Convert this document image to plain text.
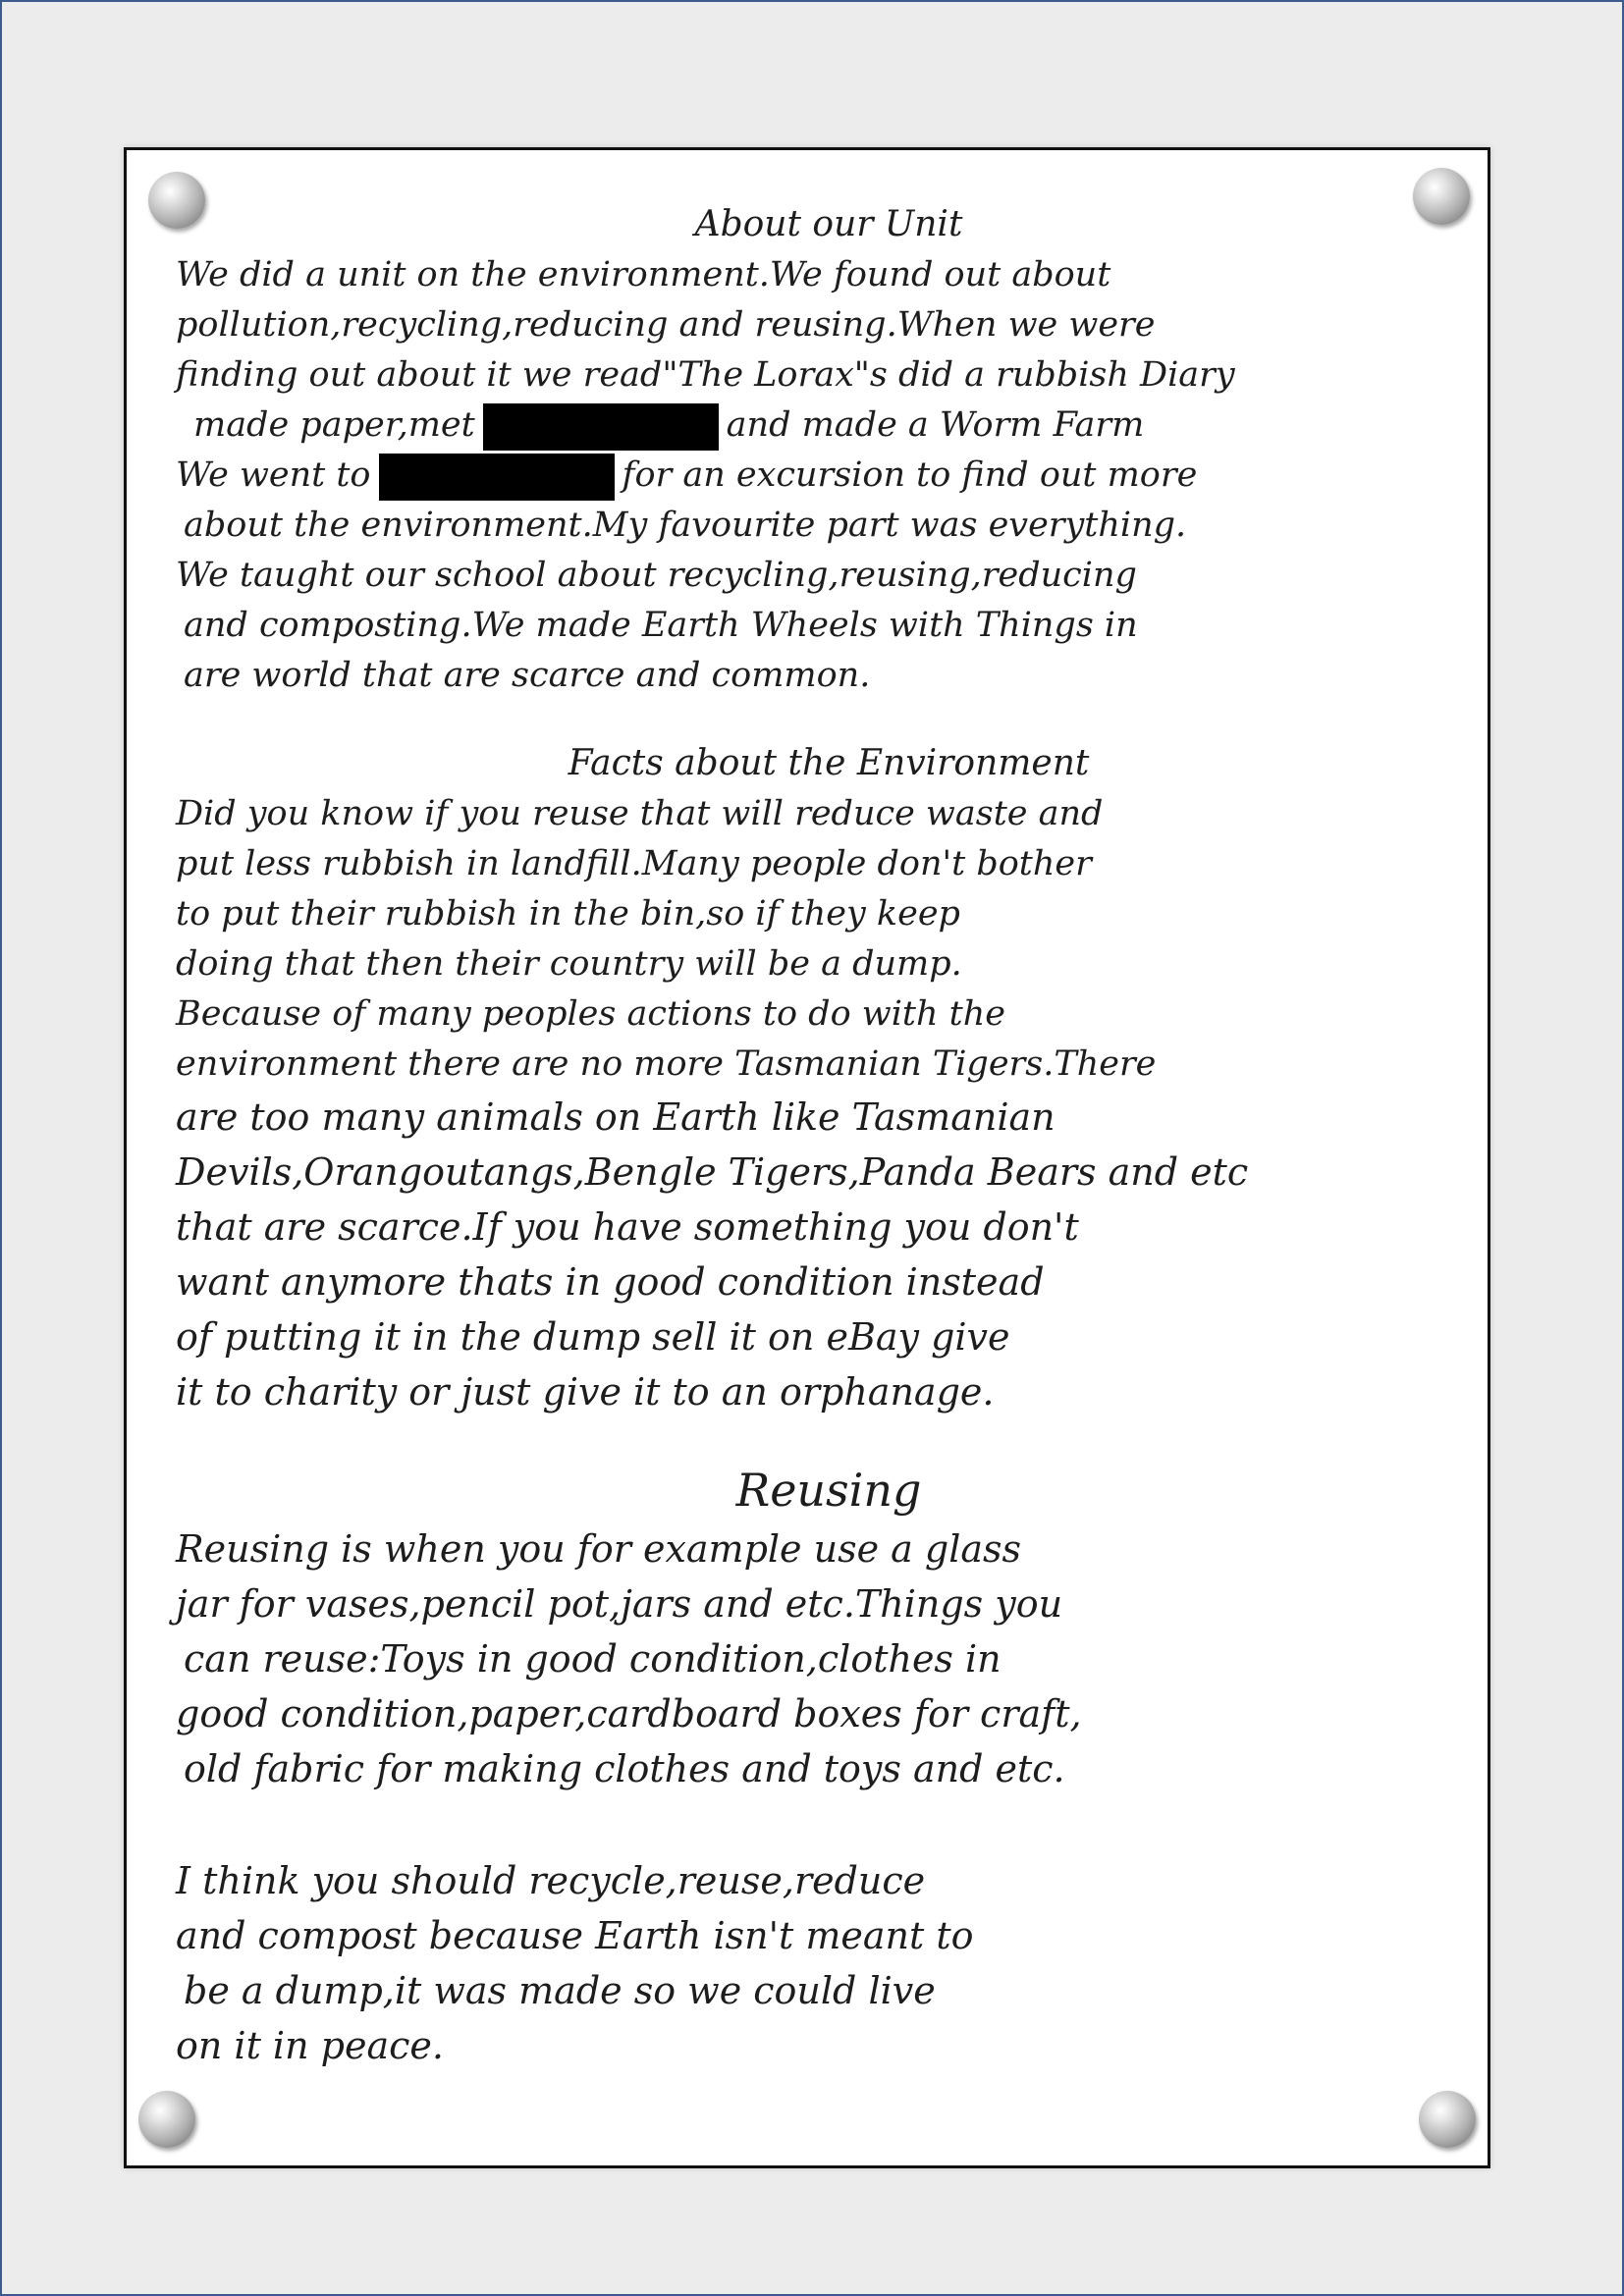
About our Unit

We did a unit on the environment.We found out about

pollution,recycling,reducing and reusing.When we were

finding out about it we read"The Lorax"s did a rubbish Diary

made paper,met	and made a Worm Farm

We went to	for an excursion to find out more

about the environment.My favourite part was everything.

We taught our school about recycling,reusing,reducing

and composting.We made Earth Wheels with Things in

are world that are scarce and common.

Facts about the Environment

Did you know if you reuse that will reduce waste and

put less rubbish in landfill.Many people don't bother

to put their rubbish in the bin,so if they keep

doing that then their country will be a dump.

Because of many peoples actions to do with the

environment there are no more Tasmanian Tigers.There

are too many animals on Earth like Tasmanian

Devils,Orangoutangs,Bengle Tigers,Panda Bears and etc

that are scarce.If you have something you don't

want anymore thats in good condition instead

of putting it in the dump sell it on eBay give

it to charity or just give it to an orphanage.

Reusing

Reusing is when you for example use a glass

jar for vases,pencil pot,jars and etc.Things you

can reuse:Toys in good condition,clothes in

good condition,paper,cardboard boxes for craft,

old fabric for making clothes and toys and etc.

I think you should recycle,reuse,reduce

and compost because Earth isn't meant to

be a dump,it was made so we could live

on it in peace.
